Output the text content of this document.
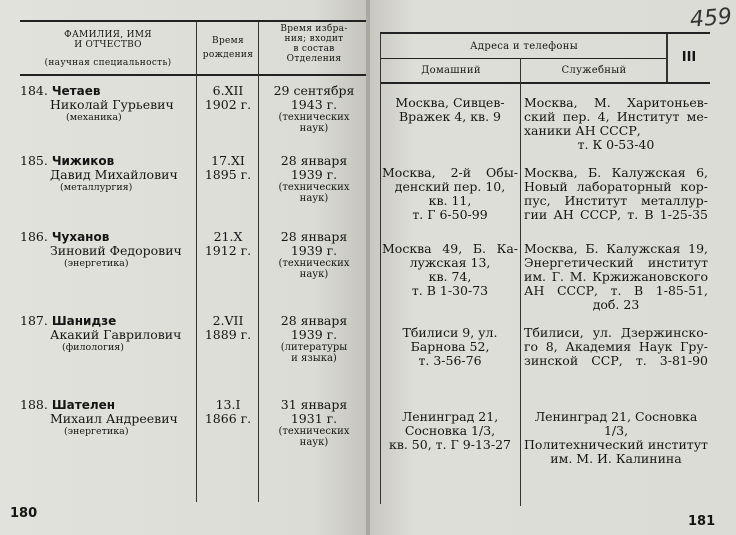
ФАМИЛИЯ, ИМЯ
И ОТЧЕСТВО
(научная специальность)
Время
рождения
Время избра-
ния; входит
в состав
Отделения
184. Четаев
Николай Гурьевич
(механика)
6.XII
1902 г.
29 сентября
1943 г.
(технических
наук)
185. Чижиков
Давид Михайлович
(металлургия)
17.XI
1895 г.
28 января
1939 г.
(технических
наук)
186. Чуханов
Зиновий Федорович
(энергетика)
21.X
1912 г.
28 января
1939 г.
(технических
наук)
187. Шанидзе
Акакий Гаврилович
(филология)
2.VII
1889 г.
28 января
1939 г.
(литературы
и языка)
188. Шателен
Михаил Андреевич
(энергетика)
13.I
1866 г.
31 января
1931 г.
(технических
наук)
180
459
Адреса и телефоны
Домашний	Служебный
III
Москва, Сивцев-
Вражек 4, кв. 9
Москва, М. Харитоньев-
ский пер. 4, Институт ме-
ханики АН СССР,
т. К 0-53-40
Москва, 2-й Обы-
денский пер. 10,
кв. 11,
т. Г 6-50-99
Москва, Б. Калужская 6,
Новый лабораторный кор-
пус, Институт металлур-
гии АН СССР, т. В 1-25-35
Москва 49, Б. Ка-
лужская 13,
кв. 74,
т. В 1-30-73
Москва, Б. Калужская 19,
Энергетический институт
им. Г. М. Кржижановского
АН СССР, т. В 1-85-51,
доб. 23
Тбилиси 9, ул.
Барнова 52,
т. 3-56-76
Тбилиси, ул. Дзержинско-
го 8, Академия Наук Гру-
зинской ССР, т. 3-81-90
Ленинград 21,
Сосновка 1/3,
кв. 50, т. Г 9-13-27
Ленинград 21, Сосновка 1/3,
Политехнический институт
им. М. И. Калинина
181
